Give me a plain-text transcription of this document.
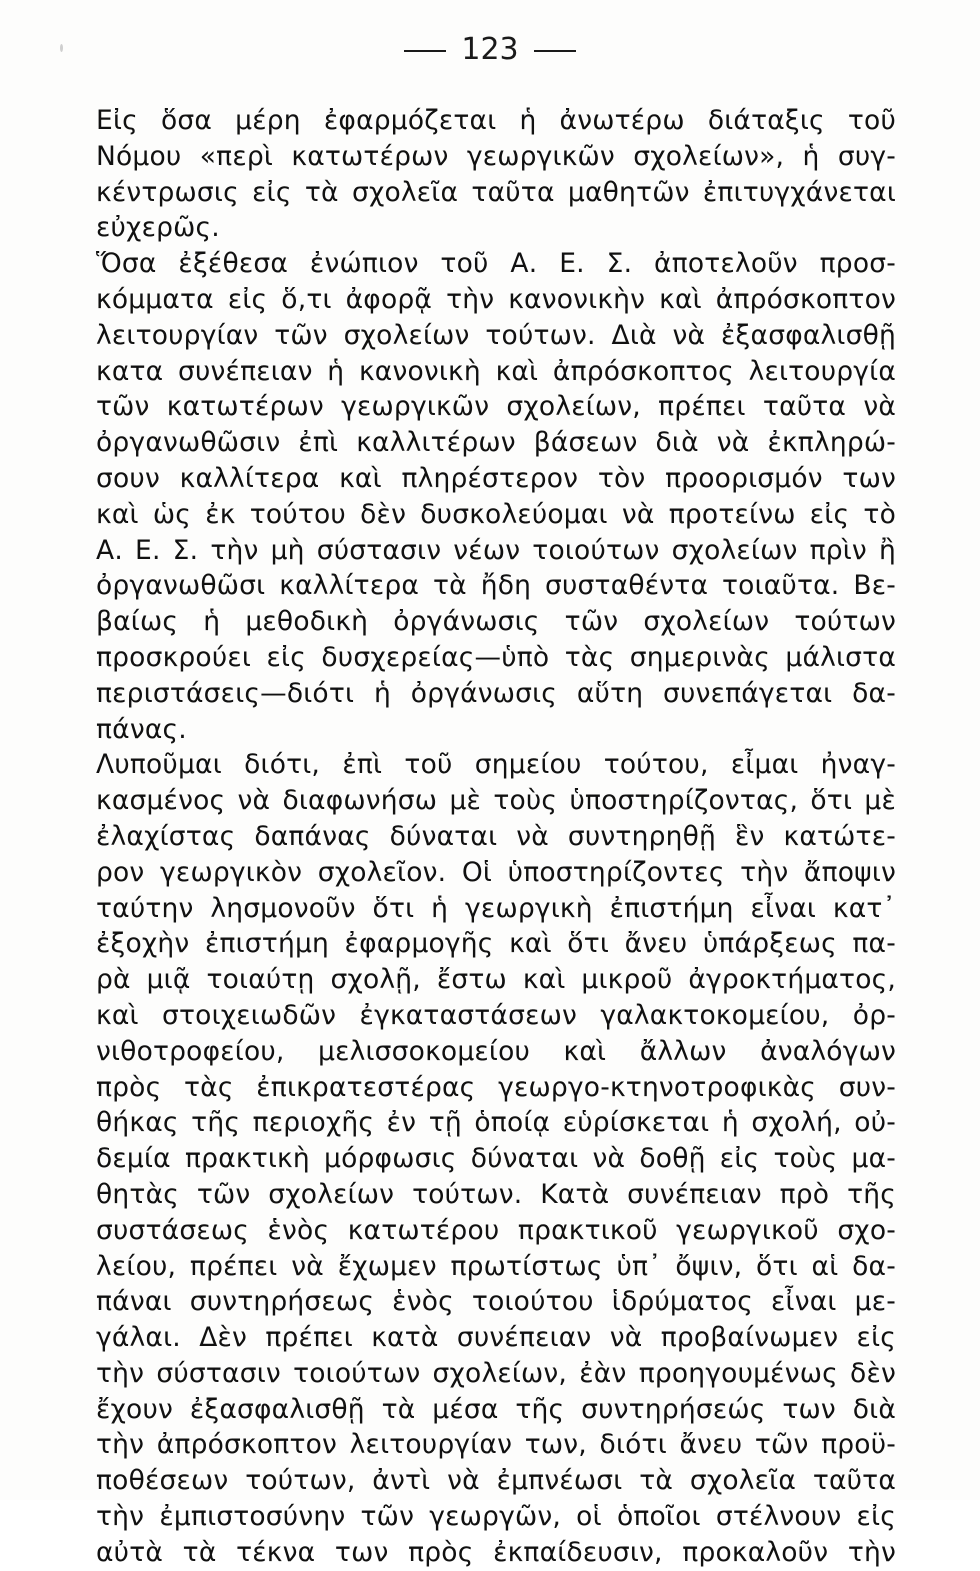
123
Εἰς ὅσα μέρη ἐφαρμόζεται ἡ ἀνωτέρω διάταξις τοῦ
Νόμου «περὶ κατωτέρων γεωργικῶν σχολείων», ἡ συγ-
κέντρωσις εἰς τὰ σχολεῖα ταῦτα μαθητῶν ἐπιτυγχάνεται
εὐχερῶς.
Ὅσα ἐξέθεσα ἐνώπιον τοῦ Α. Ε. Σ. ἀποτελοῦν προσ-
κόμματα εἰς ὅ,τι ἀφορᾷ τὴν κανονικὴν καὶ ἀπρόσκοπτον
λειτουργίαν τῶν σχολείων τούτων. Διὰ νὰ ἐξασφαλισθῇ
κατα συνέπειαν ἡ κανονικὴ καὶ ἀπρόσκοπτος λειτουργία
τῶν κατωτέρων γεωργικῶν σχολείων, πρέπει ταῦτα νὰ
ὀργανωθῶσιν ἐπὶ καλλιτέρων βάσεων διὰ νὰ ἐκπληρώ-
σουν καλλίτερα καὶ πληρέστερον τὸν προορισμόν των
καὶ ὡς ἐκ τούτου δὲν δυσκολεύομαι νὰ προτείνω εἰς τὸ
Α. Ε. Σ. τὴν μὴ σύστασιν νέων τοιούτων σχολείων πρὶν ἢ
ὀργανωθῶσι καλλίτερα τὰ ἤδη συσταθέντα τοιαῦτα. Βε-
βαίως ἡ μεθοδικὴ ὀργάνωσις τῶν σχολείων τούτων
προσκρούει εἰς δυσχερείας—ὑπὸ τὰς σημερινὰς μάλιστα
περιστάσεις—διότι ἡ ὀργάνωσις αὕτη συνεπάγεται δα-
πάνας.
Λυποῦμαι διότι, ἐπὶ τοῦ σημείου τούτου, εἶμαι ἠναγ-
κασμένος νὰ διαφωνήσω μὲ τοὺς ὑποστηρίζοντας, ὅτι μὲ
ἐλαχίστας δαπάνας δύναται νὰ συντηρηθῇ ἓν κατώτε-
ρον γεωργικὸν σχολεῖον. Οἱ ὑποστηρίζοντες τὴν ἄποψιν
ταύτην λησμονοῦν ὅτι ἡ γεωργικὴ ἐπιστήμη εἶναι κατ᾽
ἐξοχὴν ἐπιστήμη ἐφαρμογῆς καὶ ὅτι ἄνευ ὑπάρξεως πα-
ρὰ μιᾷ τοιαύτῃ σχολῇ, ἔστω καὶ μικροῦ ἀγροκτήματος,
καὶ στοιχειωδῶν ἐγκαταστάσεων γαλακτοκομείου, ὀρ-
νιθοτροφείου, μελισσοκομείου καὶ ἄλλων ἀναλόγων
πρὸς τὰς ἐπικρατεστέρας γεωργο-κτηνοτροφικὰς συν-
θήκας τῆς περιοχῆς ἐν τῇ ὁποίᾳ εὑρίσκεται ἡ σχολή, οὐ-
δεμία πρακτικὴ μόρφωσις δύναται νὰ δοθῇ εἰς τοὺς μα-
θητὰς τῶν σχολείων τούτων. Κατὰ συνέπειαν πρὸ τῆς
συστάσεως ἑνὸς κατωτέρου πρακτικοῦ γεωργικοῦ σχο-
λείου, πρέπει νὰ ἔχωμεν πρωτίστως ὑπ᾽ ὄψιν, ὅτι αἱ δα-
πάναι συντηρήσεως ἑνὸς τοιούτου ἱδρύματος εἶναι με-
γάλαι. Δὲν πρέπει κατὰ συνέπειαν νὰ προβαίνωμεν εἰς
τὴν σύστασιν τοιούτων σχολείων, ἐὰν προηγουμένως δὲν
ἔχουν ἐξασφαλισθῇ τὰ μέσα τῆς συντηρήσεώς των διὰ
τὴν ἀπρόσκοπτον λειτουργίαν των, διότι ἄνευ τῶν προϋ-
ποθέσεων τούτων, ἀντὶ νὰ ἐμπνέωσι τὰ σχολεῖα ταῦτα
τὴν ἐμπιστοσύνην τῶν γεωργῶν, οἱ ὁποῖοι στέλνουν εἰς
αὐτὰ τὰ τέκνα των πρὸς ἐκπαίδευσιν, προκαλοῦν τὴν
